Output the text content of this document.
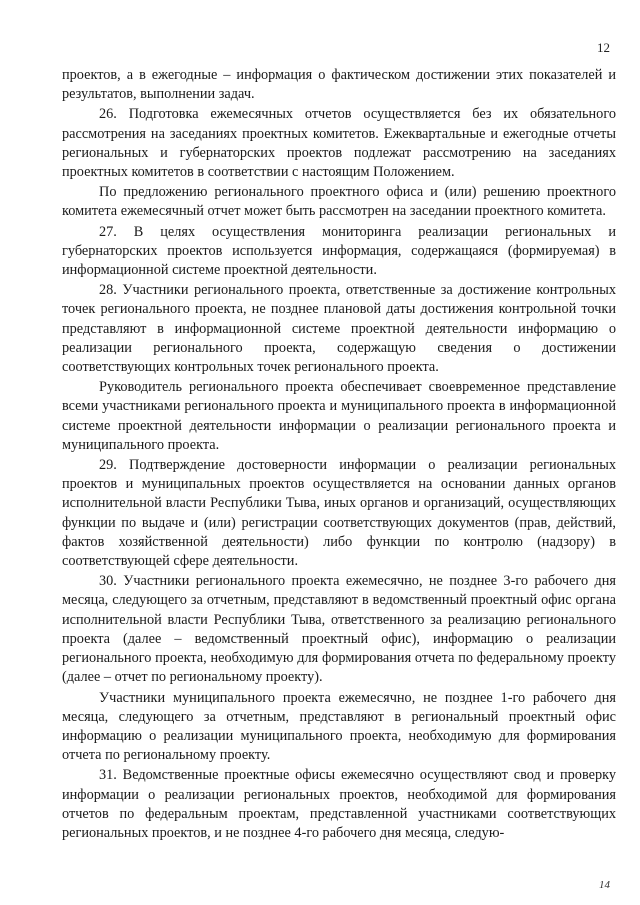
12

проектов, а в ежегодные – информация о фактическом достижении этих показателей и результатов, выполнении задач.

26. Подготовка ежемесячных отчетов осуществляется без их обязательного рассмотрения на заседаниях проектных комитетов. Ежеквартальные и ежегодные отчеты региональных и губернаторских проектов подлежат рассмотрению на заседаниях проектных комитетов в соответствии с настоящим Положением.

По предложению регионального проектного офиса и (или) решению проектного комитета ежемесячный отчет может быть рассмотрен на заседании проектного комитета.

27. В целях осуществления мониторинга реализации региональных и губернаторских проектов используется информация, содержащаяся (формируемая) в информационной системе проектной деятельности.

28. Участники регионального проекта, ответственные за достижение контрольных точек регионального проекта, не позднее плановой даты достижения контрольной точки представляют в информационной системе проектной деятельности информацию о реализации регионального проекта, содержащую сведения о достижении соответствующих контрольных точек регионального проекта.

Руководитель регионального проекта обеспечивает своевременное представление всеми участниками регионального проекта и муниципального проекта в информационной системе проектной деятельности информации о реализации регионального проекта и муниципального проекта.

29. Подтверждение достоверности информации о реализации региональных проектов и муниципальных проектов осуществляется на основании данных органов исполнительной власти Республики Тыва, иных органов и организаций, осуществляющих функции по выдаче и (или) регистрации соответствующих документов (прав, действий, фактов хозяйственной деятельности) либо функции по контролю (надзору) в соответствующей сфере деятельности.

30. Участники регионального проекта ежемесячно, не позднее 3-го рабочего дня месяца, следующего за отчетным, представляют в ведомственный проектный офис органа исполнительной власти Республики Тыва, ответственного за реализацию регионального проекта (далее – ведомственный проектный офис), информацию о реализации регионального проекта, необходимую для формирования отчета по федеральному проекту (далее – отчет по региональному проекту).

Участники муниципального проекта ежемесячно, не позднее 1-го рабочего дня месяца, следующего за отчетным, представляют в региональный проектный офис информацию о реализации муниципального проекта, необходимую для формирования отчета по региональному проекту.

31. Ведомственные проектные офисы ежемесячно осуществляют свод и проверку информации о реализации региональных проектов, необходимой для формирования отчетов по федеральным проектам, представленной участниками соответствующих региональных проектов, и не позднее 4-го рабочего дня месяца, следую-

14
